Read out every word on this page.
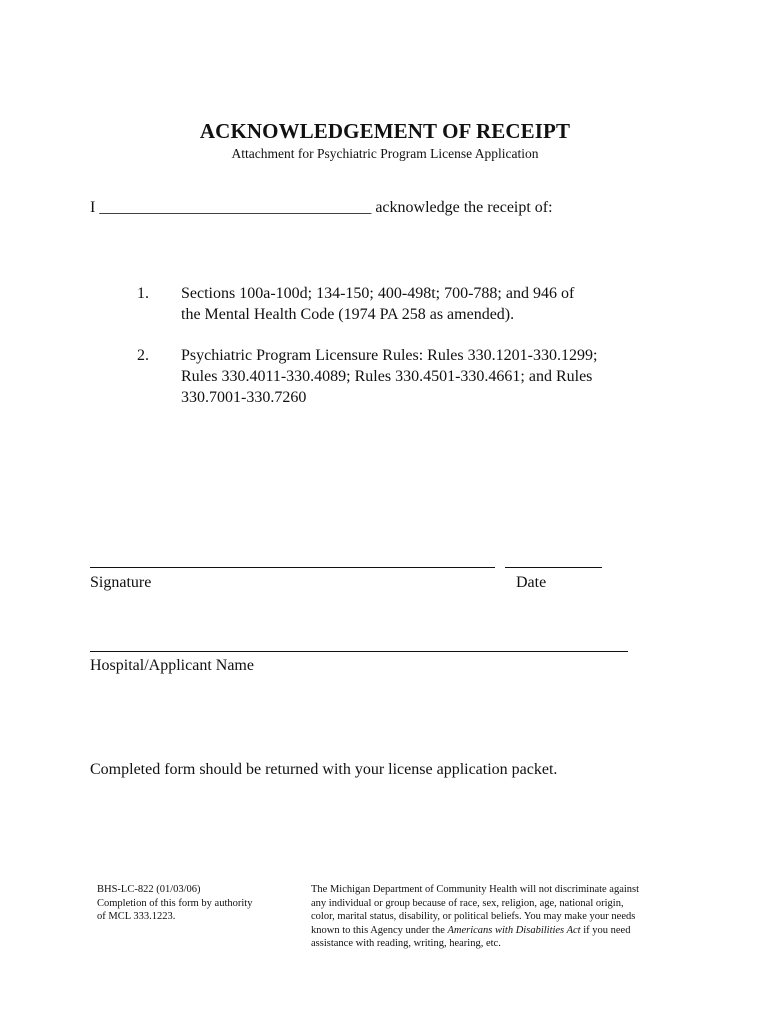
ACKNOWLEDGEMENT OF RECEIPT
Attachment for Psychiatric Program License Application
I __________________________________ acknowledge the receipt of:
1. Sections 100a-100d; 134-150; 400-498t; 700-788; and 946 of
the Mental Health Code (1974 PA 258 as amended).
2. Psychiatric Program Licensure Rules: Rules 330.1201-330.1299;
Rules 330.4011-330.4089; Rules 330.4501-330.4661; and Rules
330.7001-330.7260
Signature	Date
Hospital/Applicant Name
Completed form should be returned with your license application packet.

BHS-LC-822 (01/03/06)

Completion of this form by authority

of MCL 333.1223.

The Michigan Department of Community Health will not discriminate against

any individual or group because of race, sex, religion, age, national origin,

color, marital status, disability, or political beliefs. You may make your needs

known to this Agency under the Americans with Disabilities Act if you need

assistance with reading, writing, hearing, etc.
